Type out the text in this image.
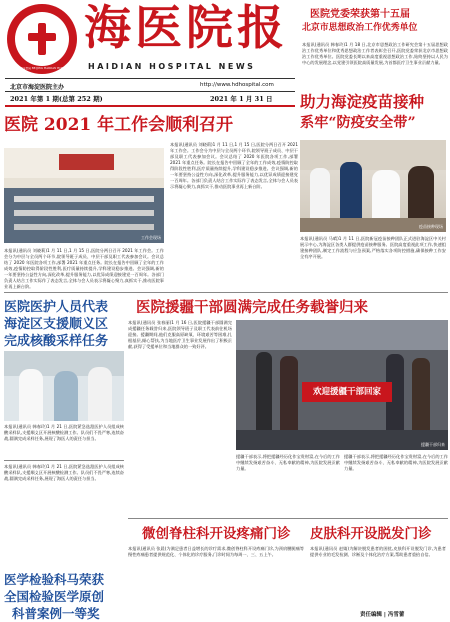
北京市海淀医院 BEIJING HAIDIAN HOSPITAL
海医院报
HAIDIAN HOSPITAL NEWS
北京市海淀医院主办	http://www.hdhospital.com
2021 年第 1 期(总第 252 期)	2021 年 1 月 31 日
医院党委荣获第十五届
北京市思想政治工作优秀单位
本报讯(通讯员 韩春玲)1 月 18 日,北京市思想政治工作研究会第十五届思想政治工作优秀单位和优秀思想政治工作者表彰会召开,医院党委荣获北京市思想政治工作优秀单位。医院党委长期以来高度重视思想政治工作,始终坚持以人民为中心的发展理念,以党建引领医院高质量发展,为首都医疗卫生事业贡献力量。
助力海淀疫苗接种
系牢“防疫安全带”
疫苗接种现场
本报讯(通讯员 马晴)1 月 11 日,医院新冠疫苗接种团队正式进驻海淀区中关村展示中心,为海淀区各类人群提供疫苗接种服务。医院高度重视此项工作,快速组建接种团队,制定工作流程与应急预案,严格落实各项防控措施,确保接种工作安全有序开展。
医院 2021 年工作会顺利召开
工作会现场
本报讯(通讯员 刘晓莉)1 月 11 日,1 月 15 日,医院分两日召开 2021 年工作会。工作会分为中层与全员两个环节,院领导班子成员、中层干部及职工代表参加会议。会议总结了 2020 年医院各项工作,部署 2021 年重点任务。院长在报告中回顾了全年的工作成效,疫情防控取得阶段性胜利,医疗质量持续提升,学科建设稳步推进。会议强调,新的一年要坚持公益性方向,深化改革,提升服务能力,以优异成绩迎接建党一百周年。各部门负责人结合工作实际作了表态发言,全体与会人员表示将凝心聚力,真抓实干,推动医院事业再上新台阶。
本报讯(通讯员 刘晓莉)1 月 11 日,1 月 15 日,医院分两日召开 2021 年工作会。工作会分为中层与全员两个环节,院领导班子成员、中层干部及职工代表参加会议。会议总结了 2020 年医院各项工作,部署 2021 年重点任务。院长在报告中回顾了全年的工作成效,疫情防控取得阶段性胜利,医疗质量持续提升,学科建设稳步推进。会议强调,新的一年要坚持公益性方向,深化改革,提升服务能力,以优异成绩迎接建党一百周年。各部门负责人结合工作实际作了表态发言,全体与会人员表示将凝心聚力,真抓实干,推动医院事业再上新台阶。
医院医护人员代表
海淀区支援顺义区
完成核酸采样任务
本报讯(通讯员 韩春玲)1 月 21 日,医院紧急选派医护人员组成核酸采样队,支援顺义区开展核酸检测工作。队员们不畏严寒,连续奋战,圆满完成采样任务,展现了海医人的责任与担当。
医院援疆干部圆满完成任务载誉归来
本报讯(通讯员 张春丽)1 月 16 日,医院援疆干部圆满完成援疆任务载誉归来,医院领导班子及职工代表前往机场迎接。援疆期间,他们克服高原缺氧、环境艰苦等困难,扎根基层,倾心帮扶,为当地医疗卫生事业发展作出了积极贡献,获得了受援单位和当地群众的一致好评。
欢迎援疆干部回家
援疆干部归来
援疆干部表示,将把援疆经历化作宝贵财富,在今后的工作中继续发扬艰苦奋斗、无私奉献的精神,为医院发展贡献力量。
援疆干部表示,将把援疆经历化作宝贵财富,在今后的工作中继续发扬艰苦奋斗、无私奉献的精神,为医院发展贡献力量。
医学检验科马荣获
全国检验医学原创
科普案例一等奖
本报讯(通讯员 韩春玲)1 月 21 日,医院紧急选派医护人员组成核酸采样队,支援顺义区开展核酸检测工作。队员们不畏严寒,连续奋战,圆满完成采样任务,展现了海医人的责任与担当。
微创脊柱科开设疼痛门诊
本报讯(通讯员 张晨)为满足患者日益增长的诊疗需求,微创脊柱科开设疼痛门诊,为颈肩腰腿痛等慢性疼痛患者提供规范化、个体化的诊疗服务,门诊时间为每周一、三、五上午。
皮肤科开设脱发门诊
本报讯(通讯员 赵婧)为解决脱发患者的困扰,皮肤科开设脱发门诊,为患者提供专业的毛发检测、诊断及个体化治疗方案,帮助患者重拾自信。
责任编辑 | 冯雪蕾
